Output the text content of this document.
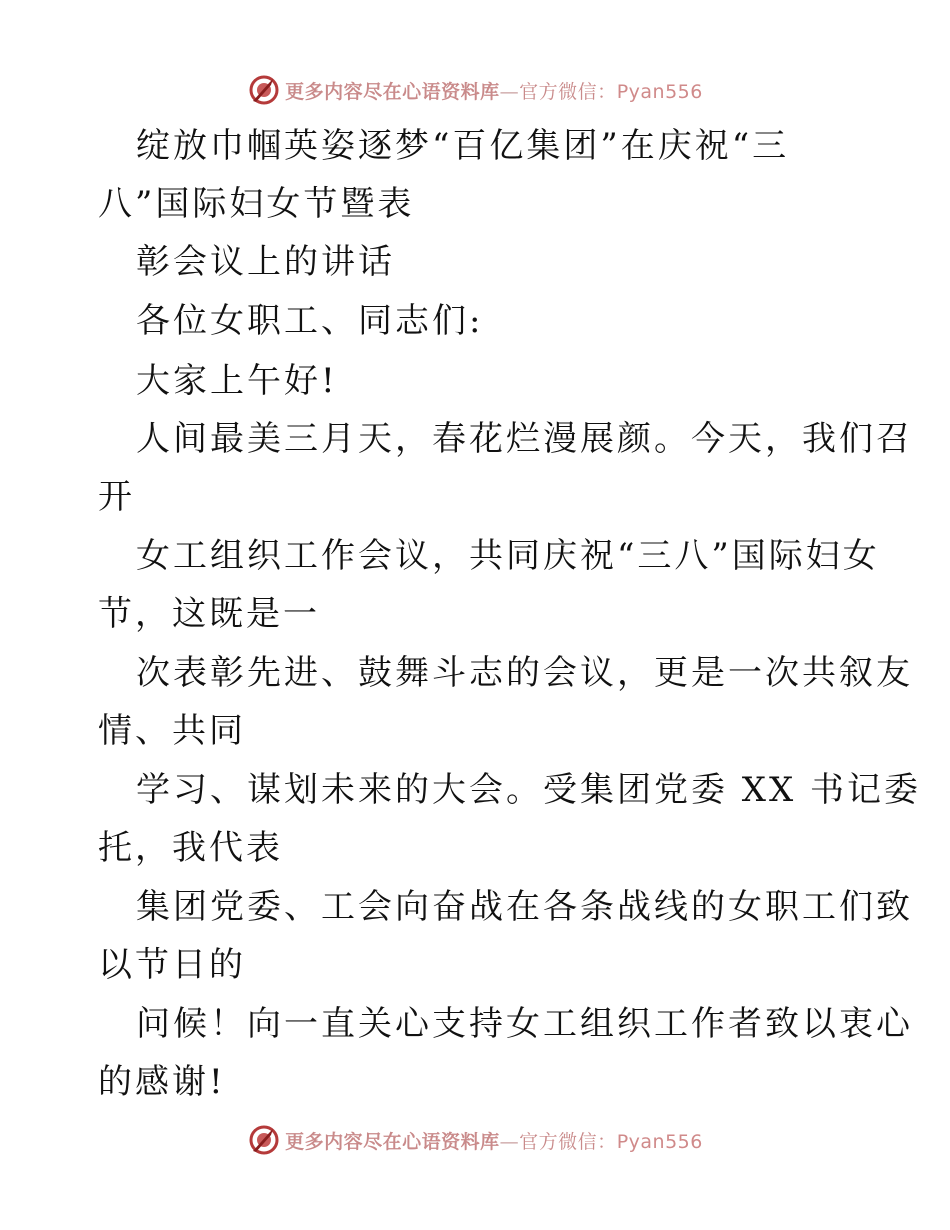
更多内容尽在心语资料库—官方微信：Pyan556
绽放巾帼英姿逐梦“百亿集团”在庆祝“三
八”国际妇女节暨表
彰会议上的讲话
各位女职工、同志们:
大家上午好!
人间最美三月天，春花烂漫展颜。今天，我们召
开
女工组织工作会议，共同庆祝“三八”国际妇女
节，这既是一
次表彰先进、鼓舞斗志的会议，更是一次共叙友
情、共同
学习、谋划未来的大会。受集团党委 XX 书记委
托，我代表
集团党委、工会向奋战在各条战线的女职工们致
以节日的
问候！向一直关心支持女工组织工作者致以衷心
的感谢!
更多内容尽在心语资料库—官方微信：Pyan556
